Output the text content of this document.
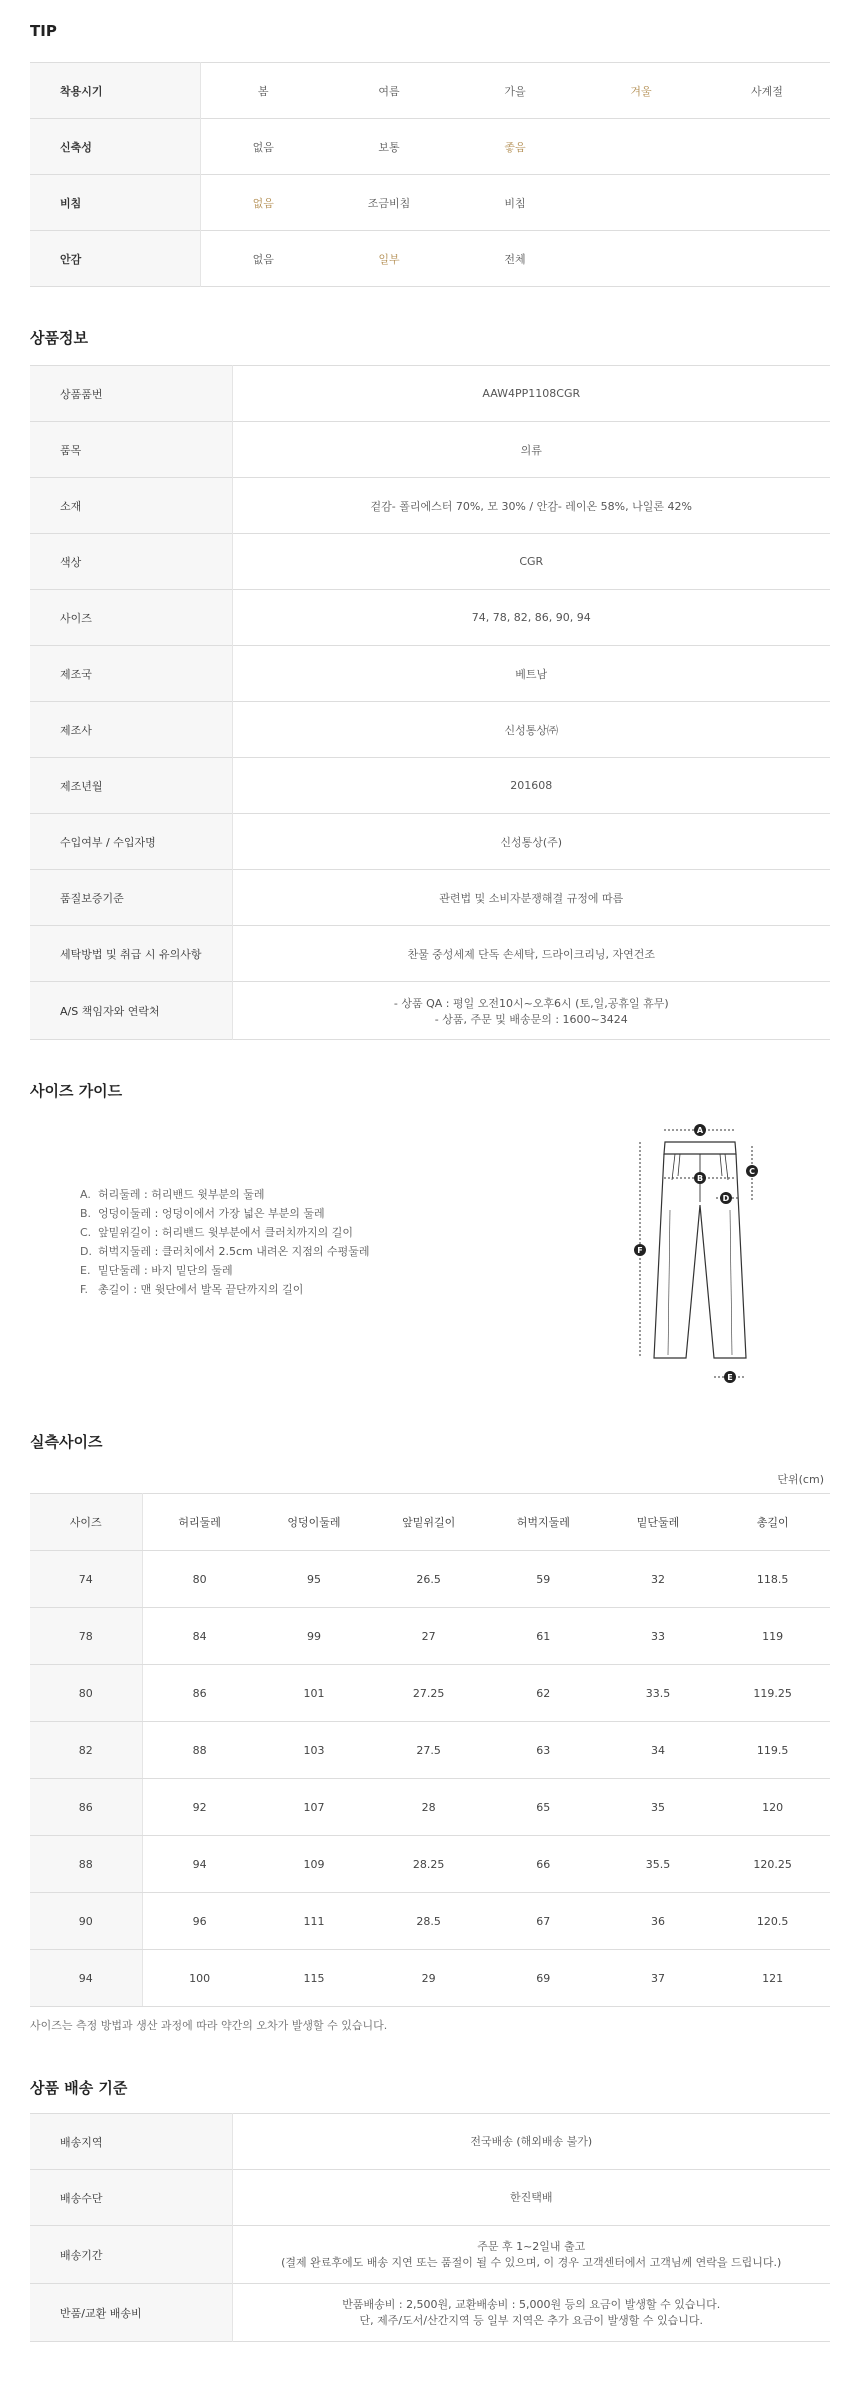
TIP
착용시기	봄	여름	가을	겨울	사계절
신축성	없음	보통	좋음		
비침	없음	조금비침	비침		
안감	없음	일부	전체		
상품정보
상품품번	AAW4PP1108CGR
품목	의류
소재	겉감- 폴리에스터 70%, 모 30% / 안감- 레이온 58%, 나일론 42%
색상	CGR
사이즈	74, 78, 82, 86, 90, 94
제조국	베트남
제조사	신성통상㈜
제조년월	201608
수입여부 / 수입자명	신성통상(주)
품질보증기준	관련법 및 소비자분쟁해결 규정에 따름
세탁방법 및 취급 시 유의사항	찬물 중성세제 단독 손세탁, 드라이크리닝, 자연건조
A/S 책임자와 연락처	- 상품 QA : 평일 오전10시~오후6시 (토,일,공휴일 휴무)
- 상품, 주문 및 배송문의 : 1600~3424
사이즈 가이드
A. 허리둘레 : 허리밴드 윗부분의 둘레
B. 엉덩이둘레 : 엉덩이에서 가장 넓은 부분의 둘레
C. 앞밑위길이 : 허리밴드 윗부분에서 클러치까지의 길이
D. 허벅지둘레 : 클러치에서 2.5cm 내려온 지점의 수평둘레
E. 밑단둘레 : 바지 밑단의 둘레
F. 총길이 : 맨 윗단에서 발목 끝단까지의 길이
A
B
C
D
E
F
실측사이즈
단위(cm)
사이즈	허리둘레	엉덩이둘레	앞밑위길이	허벅지둘레	밑단둘레	총길이
74	80	95	26.5	59	32	118.5
78	84	99	27	61	33	119
80	86	101	27.25	62	33.5	119.25
82	88	103	27.5	63	34	119.5
86	92	107	28	65	35	120
88	94	109	28.25	66	35.5	120.25
90	96	111	28.5	67	36	120.5
94	100	115	29	69	37	121
사이즈는 측정 방법과 생산 과정에 따라 약간의 오차가 발생할 수 있습니다.
상품 배송 기준
배송지역	전국배송 (해외배송 불가)

배송수단	한진택배

배송기간	주문 후 1~2일내 출고
(결제 완료후에도 배송 지연 또는 품절이 될 수 있으며, 이 경우 고객센터에서 고객님께 연락을 드립니다.)

반품/교환 배송비	반품배송비 : 2,500원, 교환배송비 : 5,000원 등의 요금이 발생할 수 있습니다.
단, 제주/도서/산간지역 등 일부 지역은 추가 요금이 발생할 수 있습니다.
